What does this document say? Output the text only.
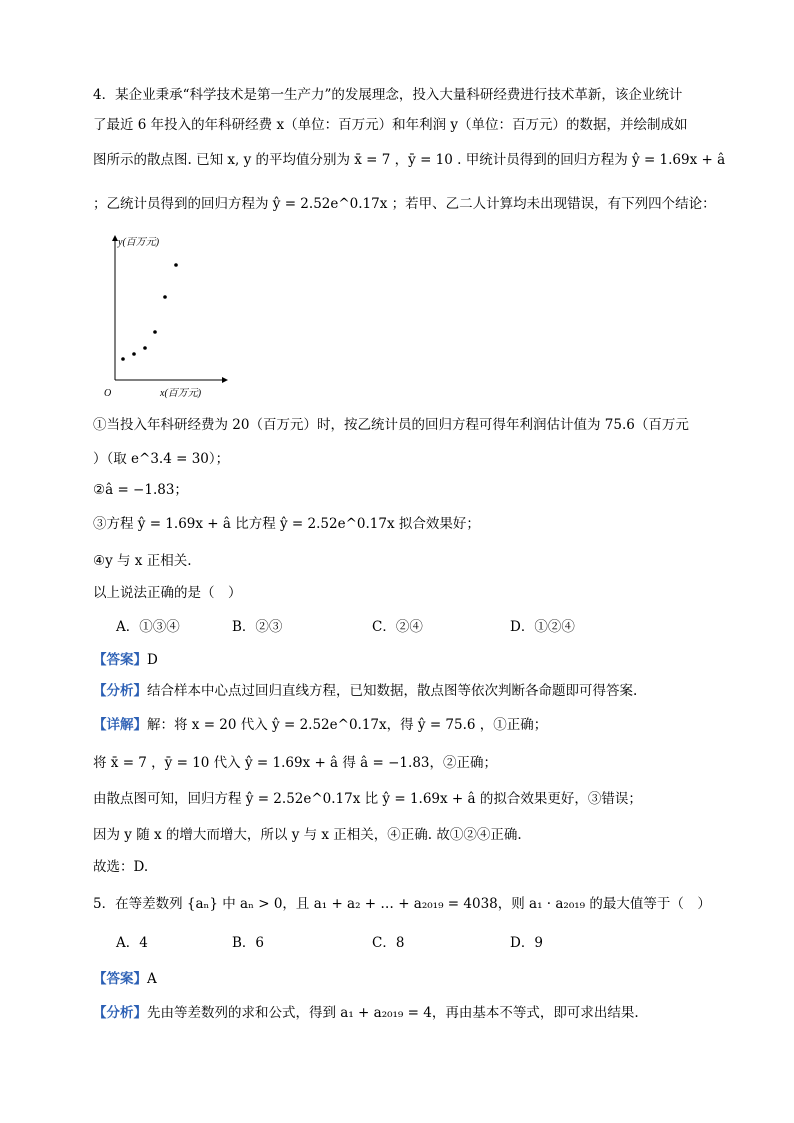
4．某企业秉承“科学技术是第一生产力”的发展理念，投入大量科研经费进行技术革新，该企业统计
了最近 6 年投入的年科研经费 x（单位：百万元）和年利润 y（单位：百万元）的数据，并绘制成如
图所示的散点图. 已知 x, y 的平均值分别为 x̄ = 7 ，ȳ = 10 . 甲统计员得到的回归方程为 ŷ = 1.69x + â
；乙统计员得到的回归方程为 ŷ = 2.52e^0.17x ；若甲、乙二人计算均未出现错误，有下列四个结论：
y(百万元)
x(百万元)
O
①当投入年科研经费为 20（百万元）时，按乙统计员的回归方程可得年利润估计值为 75.6（百万元
）（取 e^3.4 = 30）；
②â = −1.83；
③方程 ŷ = 1.69x + â 比方程 ŷ = 2.52e^0.17x 拟合效果好；
④y 与 x 正相关.
以上说法正确的是（　）
A．①③④	B．②③	C．②④	D．①②④
【答案】D
【分析】结合样本中心点过回归直线方程，已知数据，散点图等依次判断各命题即可得答案.
【详解】解：将 x = 20 代入 ŷ = 2.52e^0.17x，得 ŷ = 75.6 ，①正确；
将 x̄ = 7 ，ȳ = 10 代入 ŷ = 1.69x + â 得 â = −1.83，②正确；
由散点图可知，回归方程 ŷ = 2.52e^0.17x 比 ŷ = 1.69x + â 的拟合效果更好，③错误；
因为 y 随 x 的增大而增大，所以 y 与 x 正相关，④正确. 故①②④正确.
故选：D.
5．在等差数列 {aₙ} 中 aₙ > 0，且 a₁ + a₂ + … + a₂₀₁₉ = 4038，则 a₁ · a₂₀₁₉ 的最大值等于（　）
A．4	B．6	C．8	D．9
【答案】A
【分析】先由等差数列的求和公式，得到 a₁ + a₂₀₁₉ = 4，再由基本不等式，即可求出结果.
